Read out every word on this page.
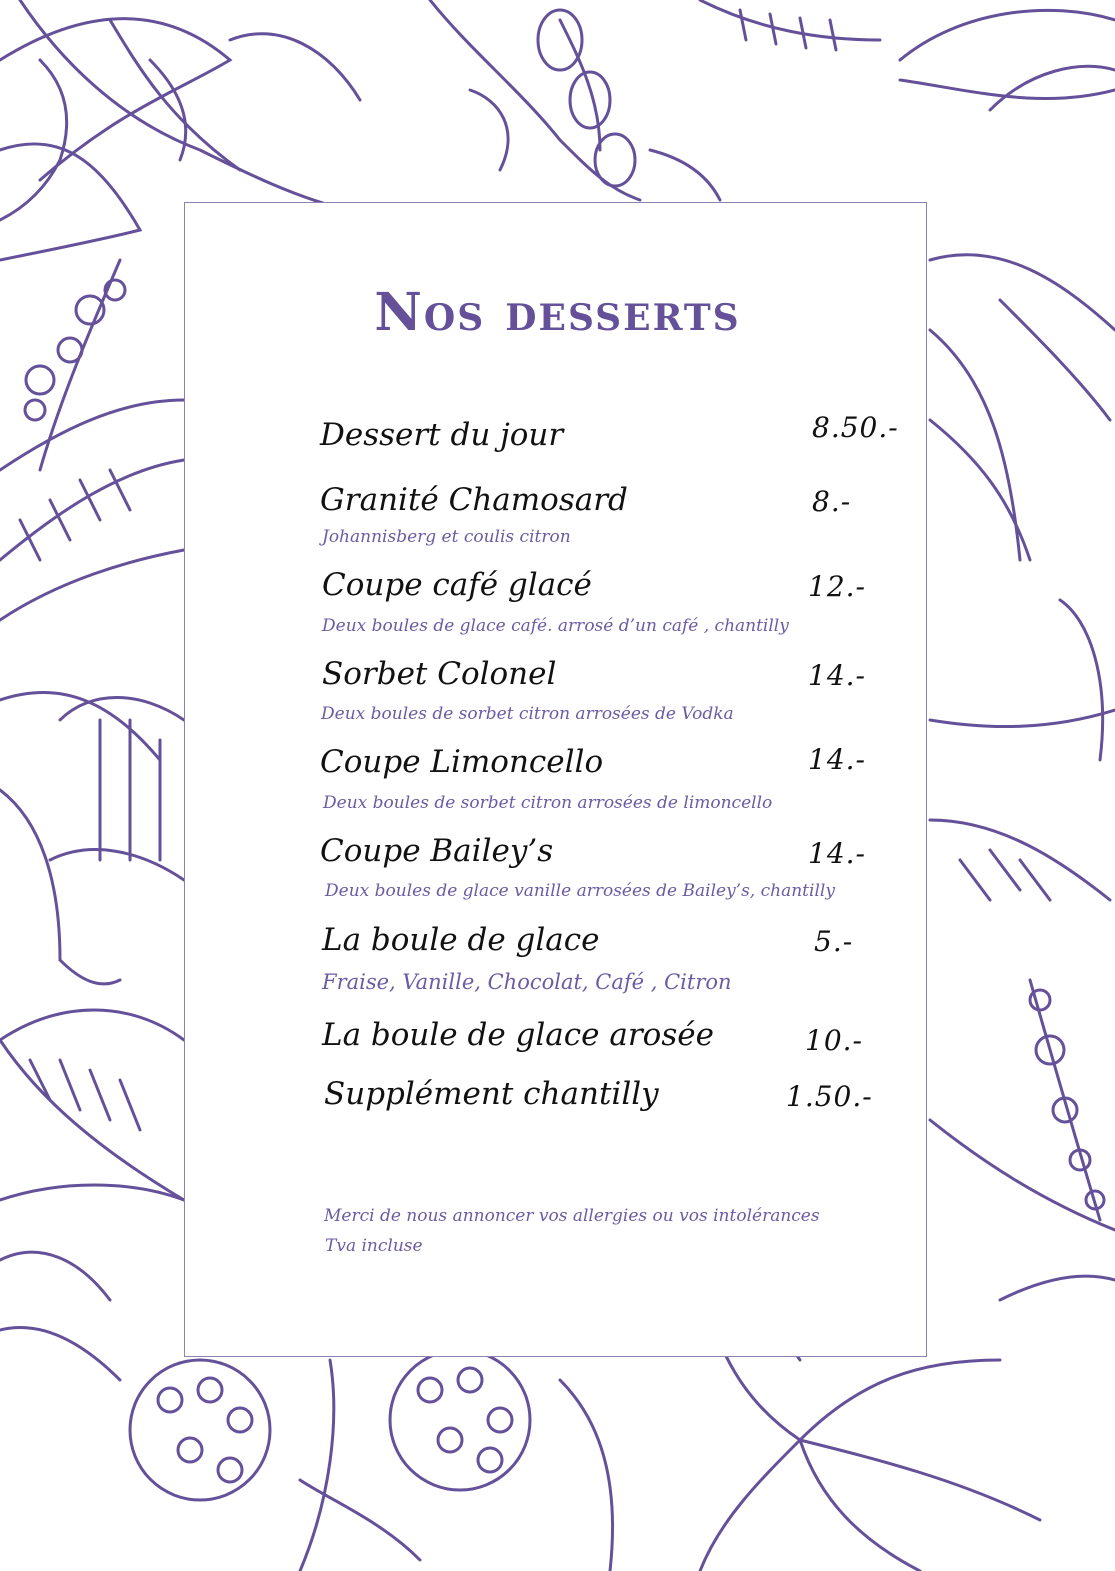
Nos desserts
Dessert du jour	8.50.-
Granité Chamosard	8.-
Johannisberg et coulis citron
Coupe café glacé	12.-
Deux boules de glace café. arrosé d’un café , chantilly
Sorbet Colonel	14.-
Deux boules de sorbet citron arrosées de Vodka
Coupe Limoncello	14.-
Deux boules de sorbet citron arrosées de limoncello
Coupe Bailey’s	14.-
Deux boules de glace vanille arrosées de Bailey’s, chantilly
La boule de glace	5.-
Fraise, Vanille, Chocolat, Café , Citron
La boule de glace arosée	10.-
Supplément chantilly	1.50.-
Merci de nous annoncer vos allergies ou vos intolérances
Tva incluse
